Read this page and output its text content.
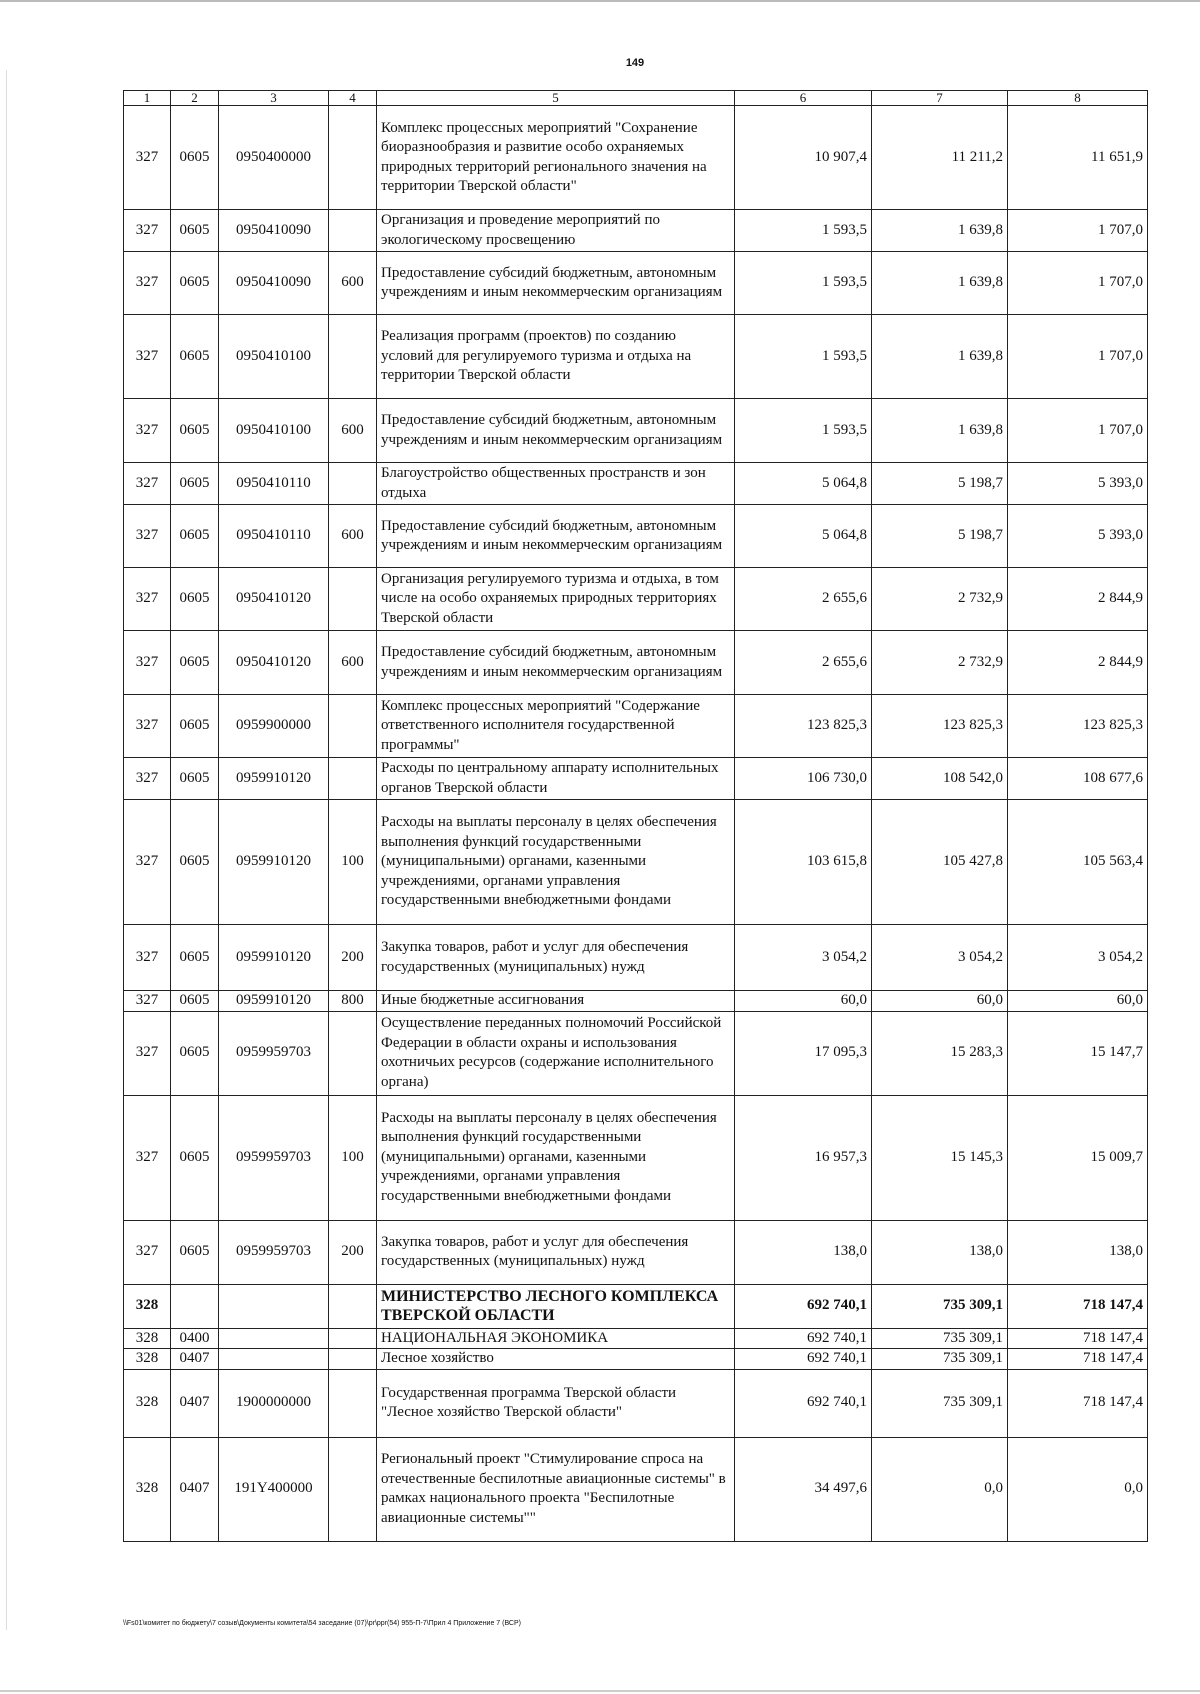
149
1	2	3	4	5	6	7	8
327	0605	0950400000		Комплекс процессных мероприятий "Сохранение биоразнообразия и развитие особо охраняемых природных территорий регионального значения на территории Тверской области"	10 907,4	11 211,2	11 651,9
327	0605	0950410090		Организация и проведение мероприятий по экологическому просвещению	1 593,5	1 639,8	1 707,0
327	0605	0950410090	600	Предоставление субсидий бюджетным, автономным учреждениям и иным некоммерческим организациям	1 593,5	1 639,8	1 707,0
327	0605	0950410100		Реализация программ (проектов) по созданию условий для регулируемого туризма и отдыха на территории Тверской области	1 593,5	1 639,8	1 707,0
327	0605	0950410100	600	Предоставление субсидий бюджетным, автономным учреждениям и иным некоммерческим организациям	1 593,5	1 639,8	1 707,0
327	0605	0950410110		Благоустройство общественных пространств и зон отдыха	5 064,8	5 198,7	5 393,0
327	0605	0950410110	600	Предоставление субсидий бюджетным, автономным учреждениям и иным некоммерческим организациям	5 064,8	5 198,7	5 393,0
327	0605	0950410120		Организация регулируемого туризма и отдыха, в том числе на особо охраняемых природных территориях Тверской области	2 655,6	2 732,9	2 844,9
327	0605	0950410120	600	Предоставление субсидий бюджетным, автономным учреждениям и иным некоммерческим организациям	2 655,6	2 732,9	2 844,9
327	0605	0959900000		Комплекс процессных мероприятий "Содержание ответственного исполнителя государственной программы"	123 825,3	123 825,3	123 825,3
327	0605	0959910120		Расходы по центральному аппарату исполнительных органов Тверской области	106 730,0	108 542,0	108 677,6
327	0605	0959910120	100	Расходы на выплаты персоналу в целях обеспечения выполнения функций государственными (муниципальными) органами, казенными учреждениями, органами управления государственными внебюджетными фондами	103 615,8	105 427,8	105 563,4
327	0605	0959910120	200	Закупка товаров, работ и услуг для обеспечения государственных (муниципальных) нужд	3 054,2	3 054,2	3 054,2
327	0605	0959910120	800	Иные бюджетные ассигнования	60,0	60,0	60,0
327	0605	0959959703		Осуществление переданных полномочий Российской Федерации в области охраны и использования охотничьих ресурсов (содержание исполнительного органа)	17 095,3	15 283,3	15 147,7
327	0605	0959959703	100	Расходы на выплаты персоналу в целях обеспечения выполнения функций государственными (муниципальными) органами, казенными учреждениями, органами управления государственными внебюджетными фондами	16 957,3	15 145,3	15 009,7
327	0605	0959959703	200	Закупка товаров, работ и услуг для обеспечения государственных (муниципальных) нужд	138,0	138,0	138,0
328				МИНИСТЕРСТВО ЛЕСНОГО КОМПЛЕКСА ТВЕРСКОЙ ОБЛАСТИ	692 740,1	735 309,1	718 147,4
328	0400			НАЦИОНАЛЬНАЯ ЭКОНОМИКА	692 740,1	735 309,1	718 147,4
328	0407			Лесное хозяйство	692 740,1	735 309,1	718 147,4
328	0407	1900000000		Государственная программа Тверской области "Лесное хозяйство Тверской области"	692 740,1	735 309,1	718 147,4
328	0407	191Y400000		Региональный проект "Стимулирование спроса на отечественные беспилотные авиационные системы" в рамках национального проекта "Беспилотные авиационные системы""	34 497,6	0,0	0,0
\\Fs01\комитет по бюджету\7 созыв\Документы комитета\54 заседание (07)\pr\ppr(54) 955-П-7\Прил 4 Приложение 7 (ВСР)
